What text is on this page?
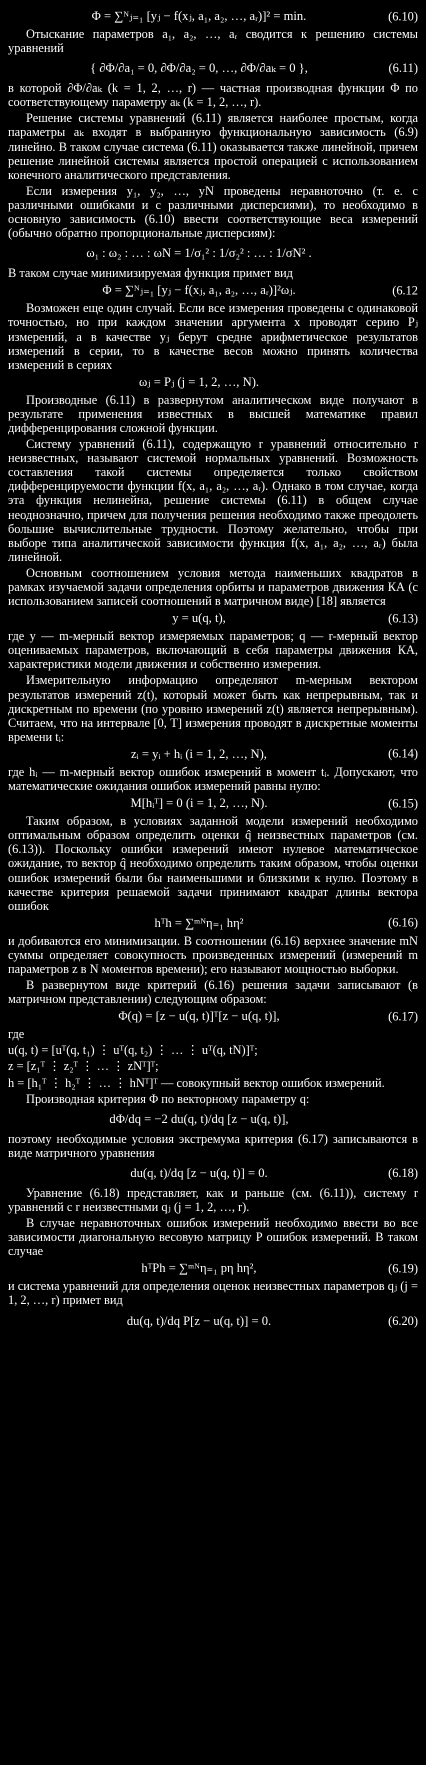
Φ = ∑ᴺⱼ₌₁ [yⱼ − f(xⱼ, a₁, a₂, …, aᵣ)]² = min.	(6.10)
Отыскание параметров a₁, a₂, …, aᵣ сводится к решению системы уравнений
{ ∂Φ/∂a₁ = 0, ∂Φ/∂a₂ = 0, …, ∂Φ/∂aₖ = 0 },	(6.11)
в которой ∂Φ/∂aₖ (k = 1, 2, …, r) — частная производная функции Φ по соответствующему параметру aₖ (k = 1, 2, …, r).
Решение системы уравнений (6.11) является наиболее простым, когда параметры aₖ входят в выбранную функциональную зависимость (6.9) линейно. В таком случае система (6.11) оказывается также линейной, причем решение линейной системы является простой операцией с использованием конечного аналитического представления.
Если измерения y₁, y₂, …, yN проведены неравноточно (т. е. с различными ошибками и с различными дисперсиями), то необходимо в основную зависимость (6.10) ввести соответствующие веса измерений (обычно обратно пропорциональные дисперсиям):
ω₁ : ω₂ : … : ωN = 1/σ₁² : 1/σ₂² : … : 1/σN² .
В таком случае минимизируемая функция примет вид
Φ = ∑ᴺⱼ₌₁ [yⱼ − f(xⱼ, a₁, a₂, …, aᵣ)]²ωⱼ.	(6.12
Возможен еще один случай. Если все измерения проведены с одинаковой точностью, но при каждом значении аргумента x проводят серию Pⱼ измерений, а в качестве yⱼ берут средне арифметическое результатов измерений в серии, то в качестве весов можно принять количества измерений в сериях
ωⱼ = Pⱼ (j = 1, 2, …, N).
Производные (6.11) в развернутом аналитическом виде получают в результате применения известных в высшей математике правил дифференцирования сложной функции.
Систему уравнений (6.11), содержащую r уравнений относительно r неизвестных, называют системой нормальных уравнений. Возможность составления такой системы определяется только свойством дифференцируемости функции f(x, a₁, a₂, …, aᵣ). Однако в том случае, когда эта функция нелинейна, решение системы (6.11) в общем случае неоднозначно, причем для получения решения необходимо также преодолеть большие вычислительные трудности. Поэтому желательно, чтобы при выборе типа аналитической зависимости функция f(x, a₁, a₂, …, aᵣ) была линейной.
Основным соотношением условия метода наименьших квадратов в рамках изучаемой задачи определения орбиты и параметров движения КА (с использованием записей соотношений в матричном виде) [18] является
y = u(q, t),	(6.13)
где y — m-мерный вектор измеряемых параметров; q — r-мерный вектор оцениваемых параметров, включающий в себя параметры движения КА, характеристики модели движения и собственно измерения.
Измерительную информацию определяют m-мерным вектором результатов измерений z(t), который может быть как непрерывным, так и дискретным по времени (по уровню измерений z(t) является непрерывным). Считаем, что на интервале [0, T] измерения проводят в дискретные моменты времени tᵢ:
zᵢ = yᵢ + hᵢ (i = 1, 2, …, N),	(6.14)
где hᵢ — m-мерный вектор ошибок измерений в момент tᵢ. Допускают, что математические ожидания ошибок измерений равны нулю:
M[hᵢᵀ] = 0 (i = 1, 2, …, N).	(6.15)
Таким образом, в условиях заданной модели измерений необходимо оптимальным образом определить оценки q̂ неизвестных параметров (см. (6.13)). Поскольку ошибки измерений имеют нулевое математическое ожидание, то вектор q̂ необходимо определить таким образом, чтобы оценки ошибок измерений были бы наименьшими и близкими к нулю. Поэтому в качестве критерия решаемой задачи принимают квадрат длины вектора ошибок
hᵀh = ∑ᵐᴺη₌₁ hη²	(6.16)
и добиваются его минимизации. В соотношении (6.16) верхнее значение mN суммы определяет совокупность произведенных измерений (измерений m параметров z в N моментов времени); его называют мощностью выборки.
В развернутом виде критерий (6.16) решения задачи записывают (в матричном представлении) следующим образом:
Φ(q) = [z − u(q, t)]ᵀ[z − u(q, t)],	(6.17)
где
u(q, t) = [uᵀ(q, t₁) ⋮ uᵀ(q, t₂) ⋮ … ⋮ uᵀ(q, tN)]ᵀ;
z = [z₁ᵀ ⋮ z₂ᵀ ⋮ … ⋮ zNᵀ]ᵀ;
h = [h₁ᵀ ⋮ h₂ᵀ ⋮ … ⋮ hNᵀ]ᵀ — совокупный вектор ошибок измерений.
Производная критерия Φ по векторному параметру q:
dΦ/dq = −2 du(q, t)/dq [z − u(q, t)],
поэтому необходимые условия экстремума критерия (6.17) записываются в виде матричного уравнения
du(q, t)/dq [z − u(q, t)] = 0.	(6.18)
Уравнение (6.18) представляет, как и раньше (см. (6.11)), систему r уравнений с r неизвестными qⱼ (j = 1, 2, …, r).
В случае неравноточных ошибок измерений необходимо ввести во все зависимости диагональную весовую матрицу P ошибок измерений. В таком случае
hᵀPh = ∑ᵐᴺη₌₁ pη hη²,	(6.19)
и система уравнений для определения оценок неизвестных параметров qⱼ (j = 1, 2, …, r) примет вид
du(q, t)/dq P[z − u(q, t)] = 0.	(6.20)
